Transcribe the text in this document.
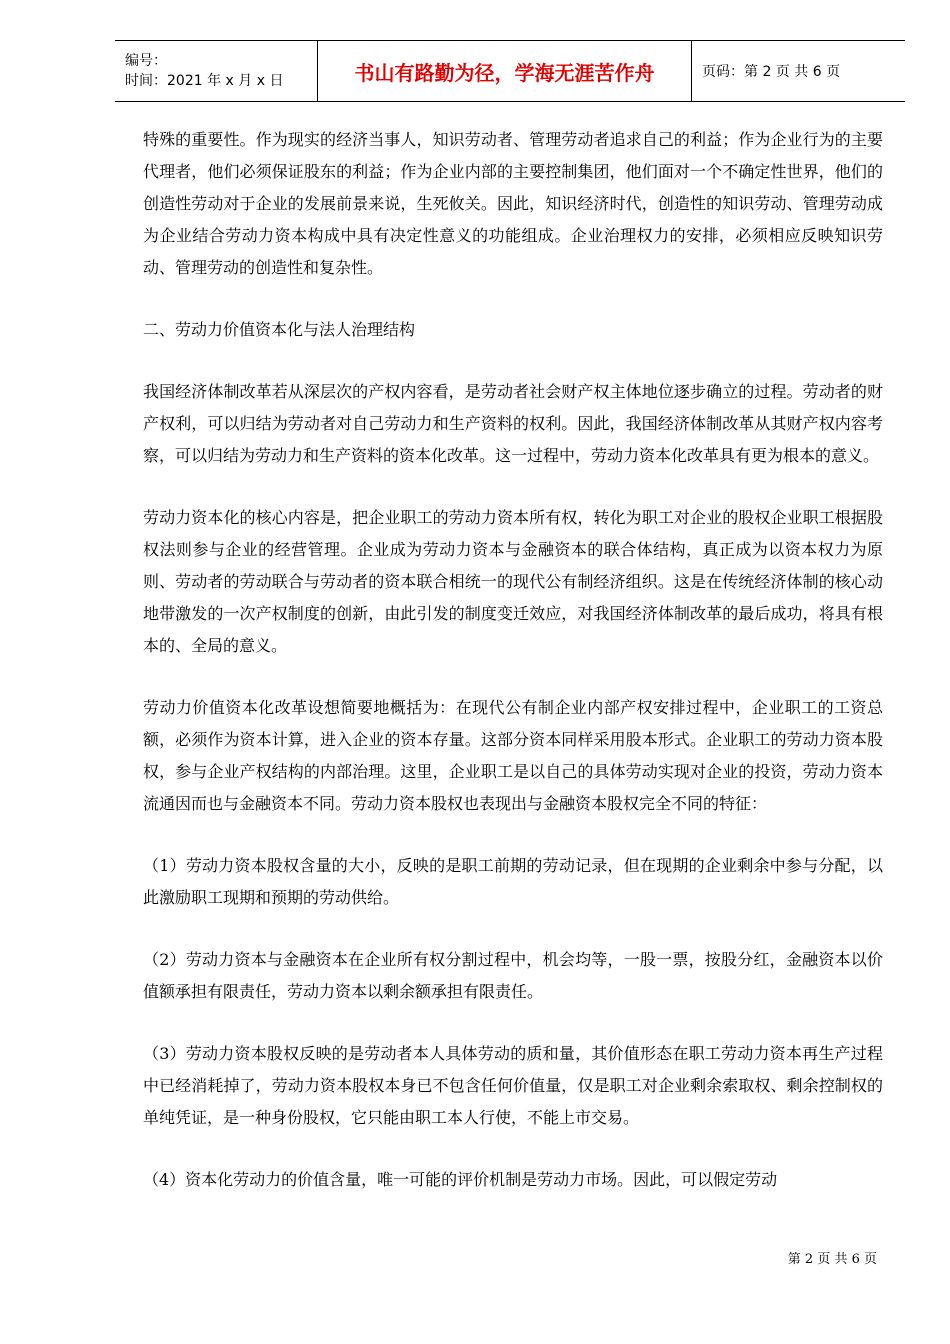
编号：
时间：2021 年 x 月 x 日	书山有路勤为径，学海无涯苦作舟	页码：第 2 页 共 6 页

特殊的重要性。作为现实的经济当事人，知识劳动者、管理劳动者追求自己的利益；作为企业行为的主要代理者，他们必须保证股东的利益；作为企业内部的主要控制集团，他们面对一个不确定性世界，他们的创造性劳动对于企业的发展前景来说，生死攸关。因此，知识经济时代，创造性的知识劳动、管理劳动成为企业结合劳动力资本构成中具有决定性意义的功能组成。企业治理权力的安排，必须相应反映知识劳动、管理劳动的创造性和复杂性。

二、劳动力价值资本化与法人治理结构

我国经济体制改革若从深层次的产权内容看，是劳动者社会财产权主体地位逐步确立的过程。劳动者的财产权利，可以归结为劳动者对自己劳动力和生产资料的权利。因此，我国经济体制改革从其财产权内容考察，可以归结为劳动力和生产资料的资本化改革。这一过程中，劳动力资本化改革具有更为根本的意义。

劳动力资本化的核心内容是，把企业职工的劳动力资本所有权，转化为职工对企业的股权企业职工根据股权法则参与企业的经营管理。企业成为劳动力资本与金融资本的联合体结构，真正成为以资本权力为原则、劳动者的劳动联合与劳动者的资本联合相统一的现代公有制经济组织。这是在传统经济体制的核心动地带激发的一次产权制度的创新，由此引发的制度变迁效应，对我国经济体制改革的最后成功，将具有根本的、全局的意义。

劳动力价值资本化改革设想简要地概括为：在现代公有制企业内部产权安排过程中，企业职工的工资总额，必须作为资本计算，进入企业的资本存量。这部分资本同样采用股本形式。企业职工的劳动力资本股权，参与企业产权结构的内部治理。这里，企业职工是以自己的具体劳动实现对企业的投资，劳动力资本流通因而也与金融资本不同。劳动力资本股权也表现出与金融资本股权完全不同的特征：

（1）劳动力资本股权含量的大小，反映的是职工前期的劳动记录，但在现期的企业剩余中参与分配，以此激励职工现期和预期的劳动供给。

（2）劳动力资本与金融资本在企业所有权分割过程中，机会均等，一股一票，按股分红，金融资本以价值额承担有限责任，劳动力资本以剩余额承担有限责任。

（3）劳动力资本股权反映的是劳动者本人具体劳动的质和量，其价值形态在职工劳动力资本再生产过程中已经消耗掉了，劳动力资本股权本身已不包含任何价值量，仅是职工对企业剩余索取权、剩余控制权的单纯凭证，是一种身份股权，它只能由职工本人行使，不能上市交易。

（4）资本化劳动力的价值含量，唯一可能的评价机制是劳动力市场。因此，可以假定劳动

第 2 页 共 6 页
